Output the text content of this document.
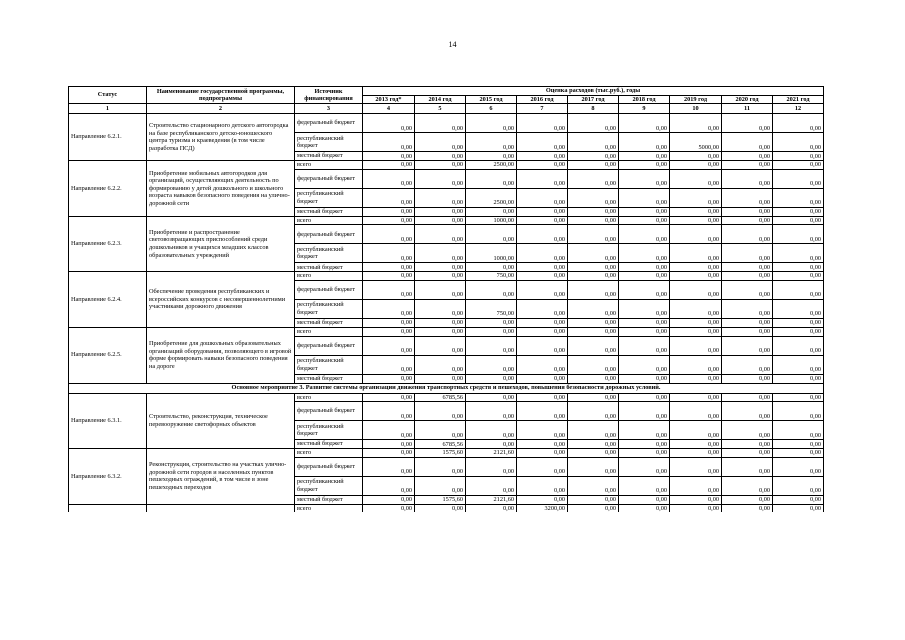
14
Статус	Наименование государственной программы, подпрограммы	Источник финансирования	Оценка расходов (тыс.руб.), годы								
			2013 год*	2014 год	2015 год	2016 год	2017 год	2018 год	2019 год	2020 год	2021 год
1	2	3	4	5	6	7	8	9	10	11	12
Направление 6.2.1.	Строительство стационарного детского автогородка на базе республиканского детско-юношеского центра туризма и краеведения (в том числе разработка ПСД)	федеральный бюджет	0,00	0,00	0,00	0,00	0,00	0,00	0,00	0,00	0,00
		республиканский бюджет	0,00	0,00	0,00	0,00	0,00	0,00	5000,00	0,00	0,00
		местный бюджет	0,00	0,00	0,00	0,00	0,00	0,00	0,00	0,00	0,00
Направление 6.2.2.	Приобретение мобильных автогородков для организаций, осуществляющих деятельность по формированию у детей дошкольного и школьного возраста навыков безопасного поведения на улично-дорожной сети	всего	0,00	0,00	2500,00	0,00	0,00	0,00	0,00	0,00	0,00
		федеральный бюджет	0,00	0,00	0,00	0,00	0,00	0,00	0,00	0,00	0,00
		республиканский бюджет	0,00	0,00	2500,00	0,00	0,00	0,00	0,00	0,00	0,00
		местный бюджет	0,00	0,00	0,00	0,00	0,00	0,00	0,00	0,00	0,00
Направление 6.2.3.	Приобретение и распространение световозвращающих приспособлений среди дошкольников и учащихся младших классов образовательных учреждений	всего	0,00	0,00	1000,00	0,00	0,00	0,00	0,00	0,00	0,00
		федеральный бюджет	0,00	0,00	0,00	0,00	0,00	0,00	0,00	0,00	0,00
		республиканский бюджет	0,00	0,00	1000,00	0,00	0,00	0,00	0,00	0,00	0,00
		местный бюджет	0,00	0,00	0,00	0,00	0,00	0,00	0,00	0,00	0,00
Направление 6.2.4.	Обеспечение проведения республиканских и всероссийских конкурсов с несовершеннолетними участниками дорожного движения	всего	0,00	0,00	750,00	0,00	0,00	0,00	0,00	0,00	0,00
		федеральный бюджет	0,00	0,00	0,00	0,00	0,00	0,00	0,00	0,00	0,00
		республиканский бюджет	0,00	0,00	750,00	0,00	0,00	0,00	0,00	0,00	0,00
		местный бюджет	0,00	0,00	0,00	0,00	0,00	0,00	0,00	0,00	0,00
Направление 6.2.5.	Приобретение для дошкольных образовательных организаций оборудования, позволяющего в игровой форме формировать навыки безопасного поведения на дороге	всего	0,00	0,00	0,00	0,00	0,00	0,00	0,00	0,00	0,00
		федеральный бюджет	0,00	0,00	0,00	0,00	0,00	0,00	0,00	0,00	0,00
		республиканский бюджет	0,00	0,00	0,00	0,00	0,00	0,00	0,00	0,00	0,00
		местный бюджет	0,00	0,00	0,00	0,00	0,00	0,00	0,00	0,00	0,00
Основное мероприятие 3. Развитие системы организации движения транспортных средств и пешеходов, повышения безопасности дорожных условий.											
Направление 6.3.1.	Строительство, реконструкция, техническое перевооружение светофорных объектов	всего	0,00	6785,56	0,00	0,00	0,00	0,00	0,00	0,00	0,00
		федеральный бюджет	0,00	0,00	0,00	0,00	0,00	0,00	0,00	0,00	0,00
		республиканский бюджет	0,00	0,00	0,00	0,00	0,00	0,00	0,00	0,00	0,00
		местный бюджет	0,00	6785,56	0,00	0,00	0,00	0,00	0,00	0,00	0,00
Направление 6.3.2.	Реконструкция, строительство на участках улично-дорожной сети городов и населенных пунктов пешеходных ограждений, в том числе в зоне пешеходных переходов	всего	0,00	1575,60	2121,60	0,00	0,00	0,00	0,00	0,00	0,00
		федеральный бюджет	0,00	0,00	0,00	0,00	0,00	0,00	0,00	0,00	0,00
		республиканский бюджет	0,00	0,00	0,00	0,00	0,00	0,00	0,00	0,00	0,00
		местный бюджет	0,00	1575,60	2121,60	0,00	0,00	0,00	0,00	0,00	0,00
		всего	0,00	0,00	0,00	3200,00	0,00	0,00	0,00	0,00	0,00
